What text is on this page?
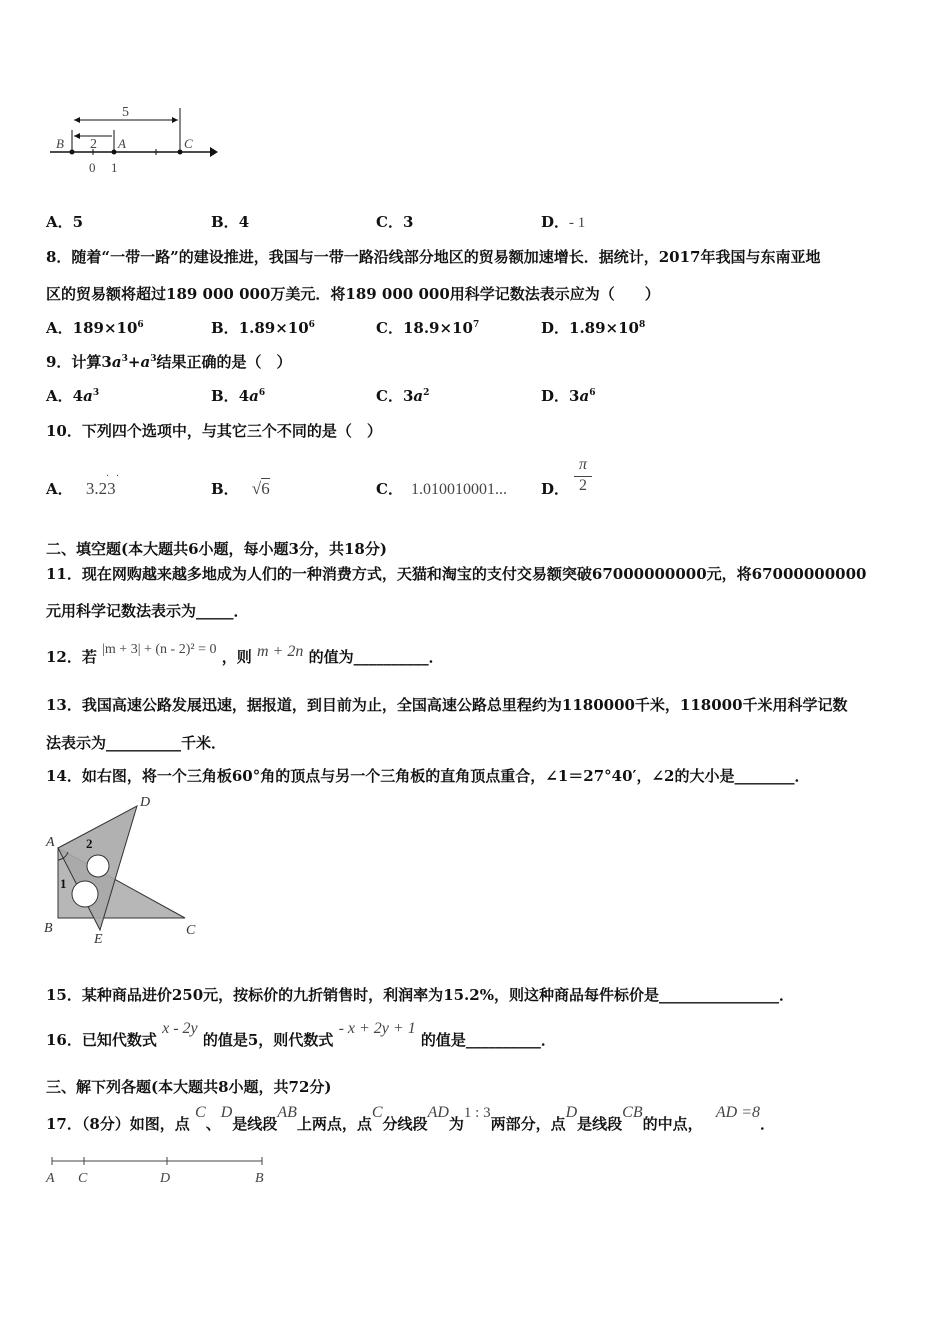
5
2
B	A	C
0 1
A．5	B．4	C．3	D．- 1
8．随着“一带一路”的建设推进，我国与一带一路沿线部分地区的贸易额加速增长．据统计，2017年我国与东南亚地
区的贸易额将超过189 000 000万美元．将189 000 000用科学记数法表示应为（　　）
A．$189\times 10^6$	B．$1.89\times 10^6$	C．$18.9\times 10^7$	D．$1.89\times 10^8$
9．计算$3a^3+a^3$结果正确的是（　）
A．$4a^3$	B．$4a^6$	C．$3a^2$	D．$3a^6$
10．下列四个选项中，与其它三个不同的是（　）
A． 3.23
· ·
B． √6	C． 1.010010001... D．
π
2
二、填空题(本大题共6小题，每小题3分，共18分)
11．现在网购越来越多地成为人们的一种消费方式，天猫和淘宝的支付交易额突破67000000000元，将67000000000
元用科学记数法表示为_____．
12．若 |m + 3| + (n - 2)² = 0 ，则 m + 2n 的值为__________．
13．我国高速公路发展迅速，据报道，到目前为止，全国高速公路总里程约为1180000千米，118000千米用科学记数
法表示为__________千米．
14．如右图，将一个三角板60°角的顶点与另一个三角板的直角顶点重合，∠1＝27°40′，∠2的大小是________．
A
D
B
E
C
2
1
15．某种商品进价250元，按标价的九折销售时，利润率为15.2%，则这种商品每件标价是________________．
16．已知代数式 x - 2y 的值是5，则代数式 - x + 2y + 1 的值是__________．
三、解下列各题(本大题共8小题，共72分)
17．（8分）如图，点 C、D是线段AB上两点，点C分线段AD为1 : 3两部分，点D是线段CB的中点， AD =8．
A C	D	B
